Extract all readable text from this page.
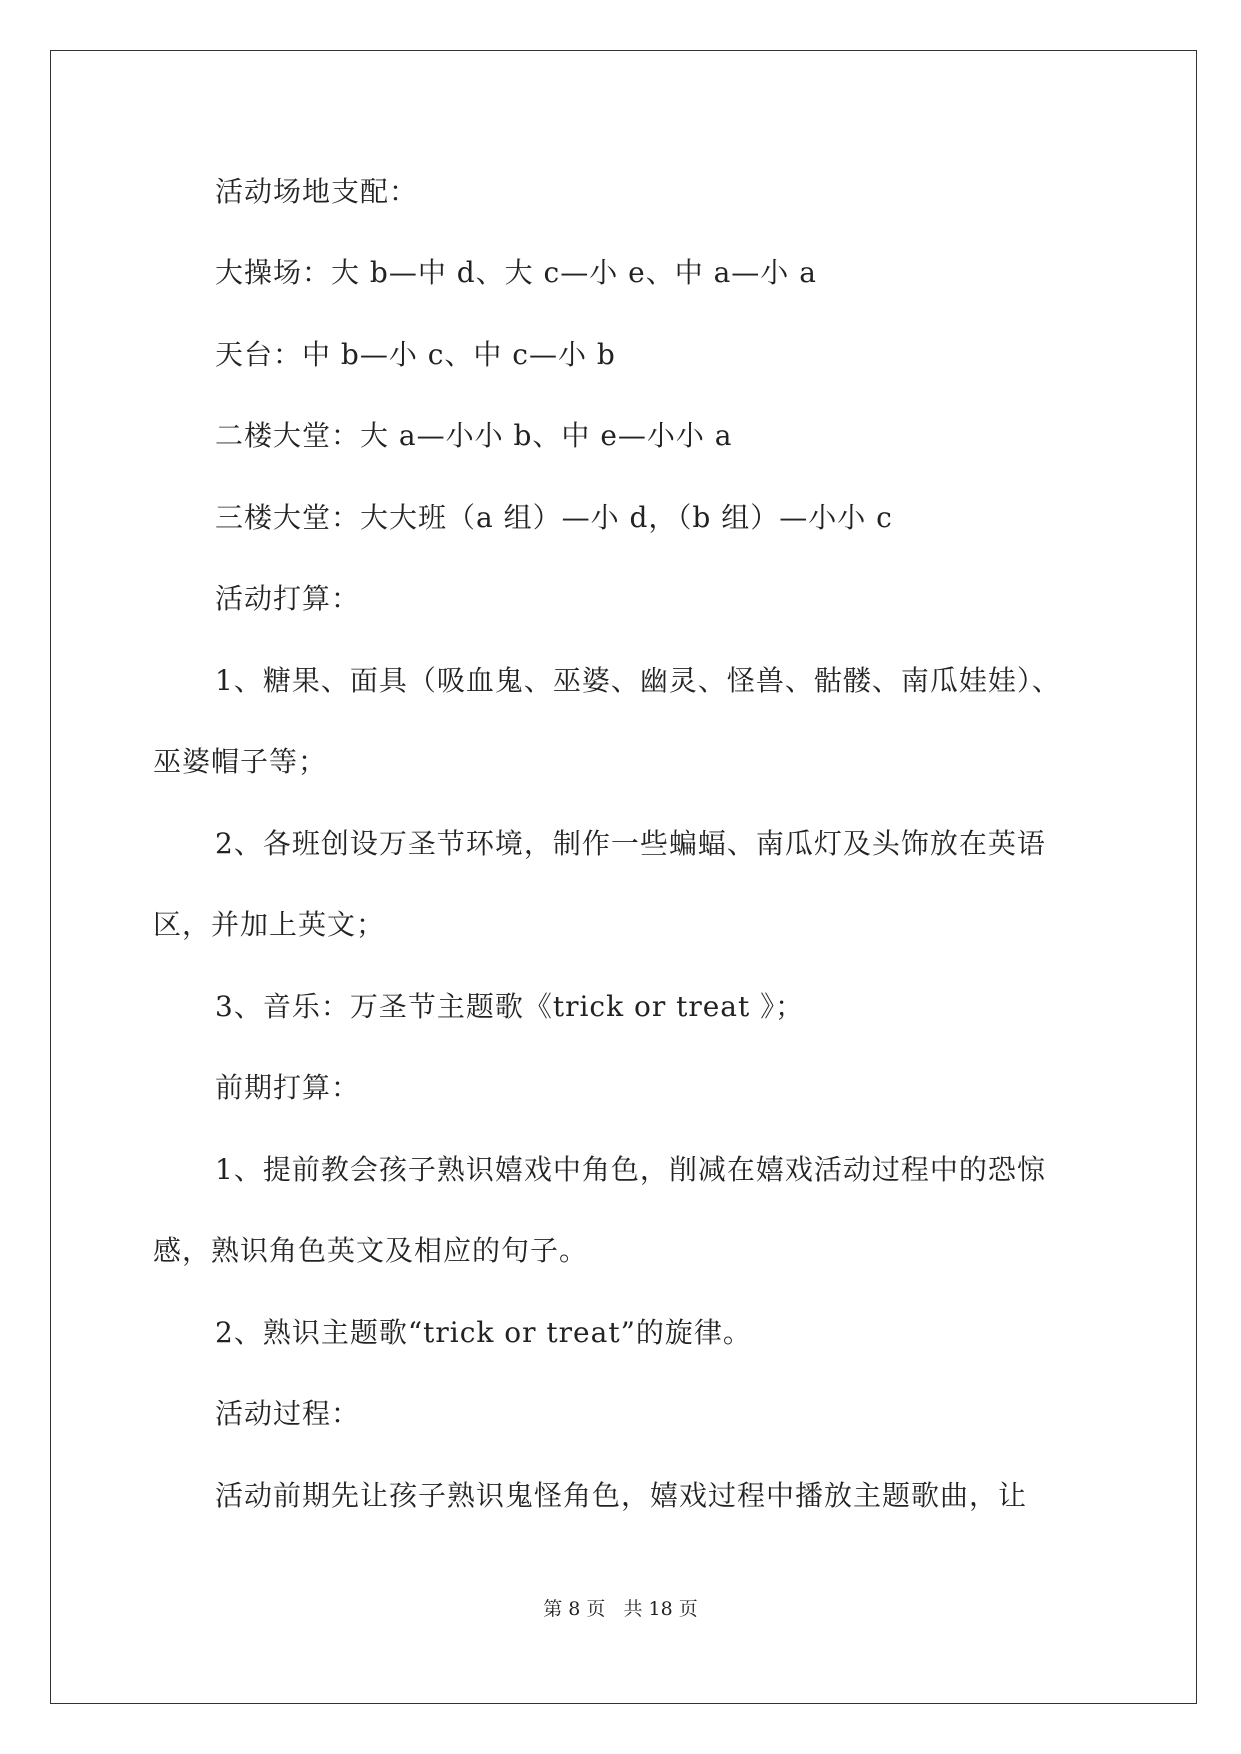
活动场地支配：
大操场：大 b—中 d、大 c—小 e、中 a—小 a
天台：中 b—小 c、中 c—小 b
二楼大堂：大 a—小小 b、中 e—小小 a
三楼大堂：大大班（a 组）—小 d，（b 组）—小小 c
活动打算：
1、糖果、面具（吸血鬼、巫婆、幽灵、怪兽、骷髅、南瓜娃娃）、
巫婆帽子等；
2、各班创设万圣节环境，制作一些蝙蝠、南瓜灯及头饰放在英语
区，并加上英文；
3、音乐：万圣节主题歌《trick or treat 》；
前期打算：
1、提前教会孩子熟识嬉戏中角色，削减在嬉戏活动过程中的恐惊
感，熟识角色英文及相应的句子。
2、熟识主题歌“trick or treat”的旋律。
活动过程：
活动前期先让孩子熟识鬼怪角色，嬉戏过程中播放主题歌曲，让
第 8 页 共 18 页
